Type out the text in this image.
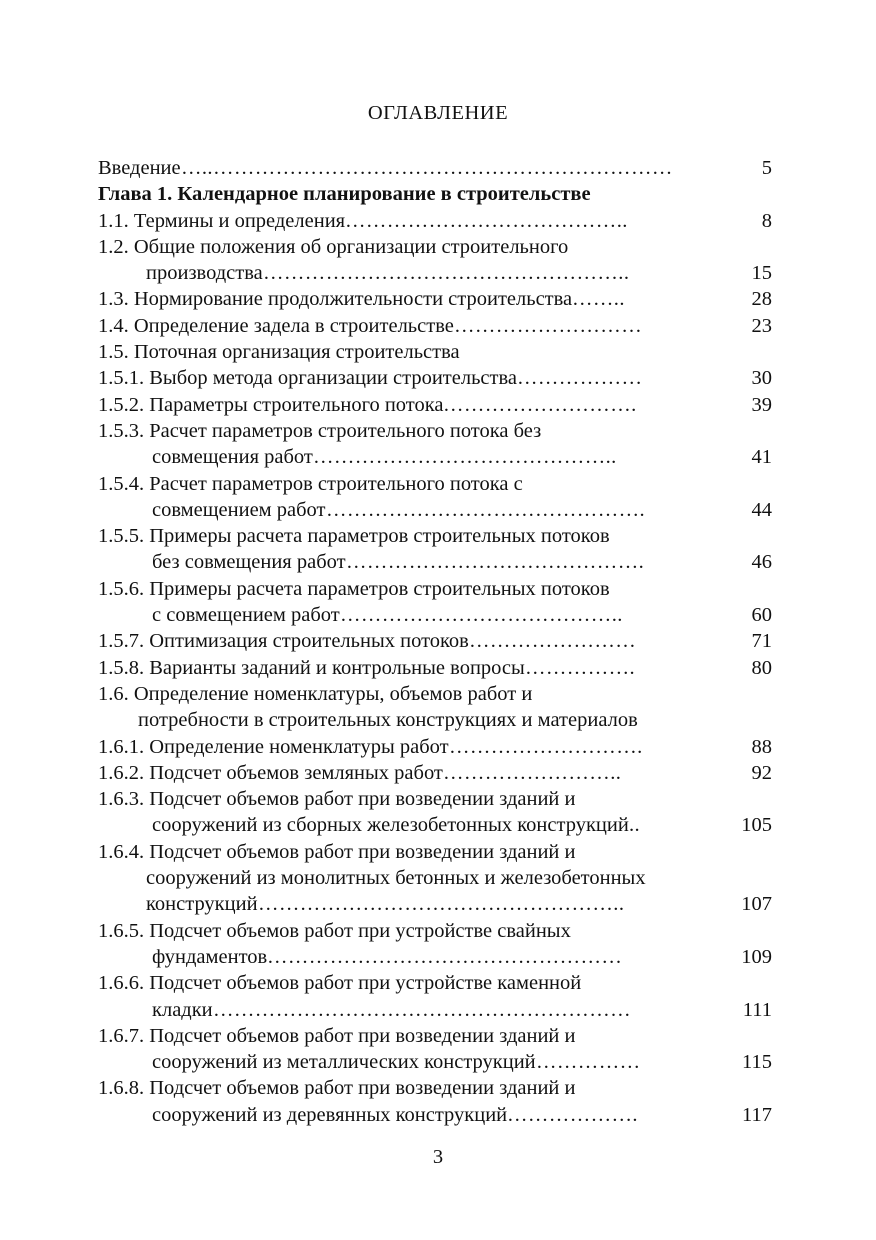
ОГЛАВЛЕНИЕ
Введение …..…………………………………………………………	5
Глава 1. Календарное планирование в строительстве
1.1. Термины и определения …………………………………..	8
1.2. Общие положения об организации строительного
производства ……………………………………………..	15
1.3. Нормирование продолжительности строительства ……..	28
1.4. Определение задела в строительстве ………………………	23
1.5. Поточная организация строительства
1.5.1. Выбор метода организации строительства ………………	30
1.5.2. Параметры строительного потока ……………………….	39
1.5.3. Расчет параметров строительного потока без
совмещения работ ……………………………………..	41
1.5.4. Расчет параметров строительного потока с
совмещением работ ……………………………………….	44
1.5.5. Примеры расчета параметров строительных потоков
без совмещения работ …………………………………….	46
1.5.6. Примеры расчета параметров строительных потоков
с совмещением работ …………………………………..	60
1.5.7. Оптимизация строительных потоков ……………………	71
1.5.8. Варианты заданий и контрольные вопросы …………….	80
1.6. Определение номенклатуры, объемов работ и
потребности в строительных конструкциях и материалов
1.6.1. Определение номенклатуры работ ……………………….	88
1.6.2. Подсчет объемов земляных работ ……………………..	92
1.6.3. Подсчет объемов работ при возведении зданий и
сооружений из сборных железобетонных конструкций ..	105
1.6.4. Подсчет объемов работ при возведении зданий и
сооружений из монолитных бетонных и железобетонных
конструкций ……………………………………………..	107
1.6.5. Подсчет объемов работ при устройстве свайных
фундаментов ……………………………………………	109
1.6.6. Подсчет объемов работ при устройстве каменной
кладки ……………………………………………………	111
1.6.7. Подсчет объемов работ при возведении зданий и
сооружений из металлических конструкций ……………	115
1.6.8. Подсчет объемов работ при возведении зданий и
сооружений из деревянных конструкций ……………….	117
3
